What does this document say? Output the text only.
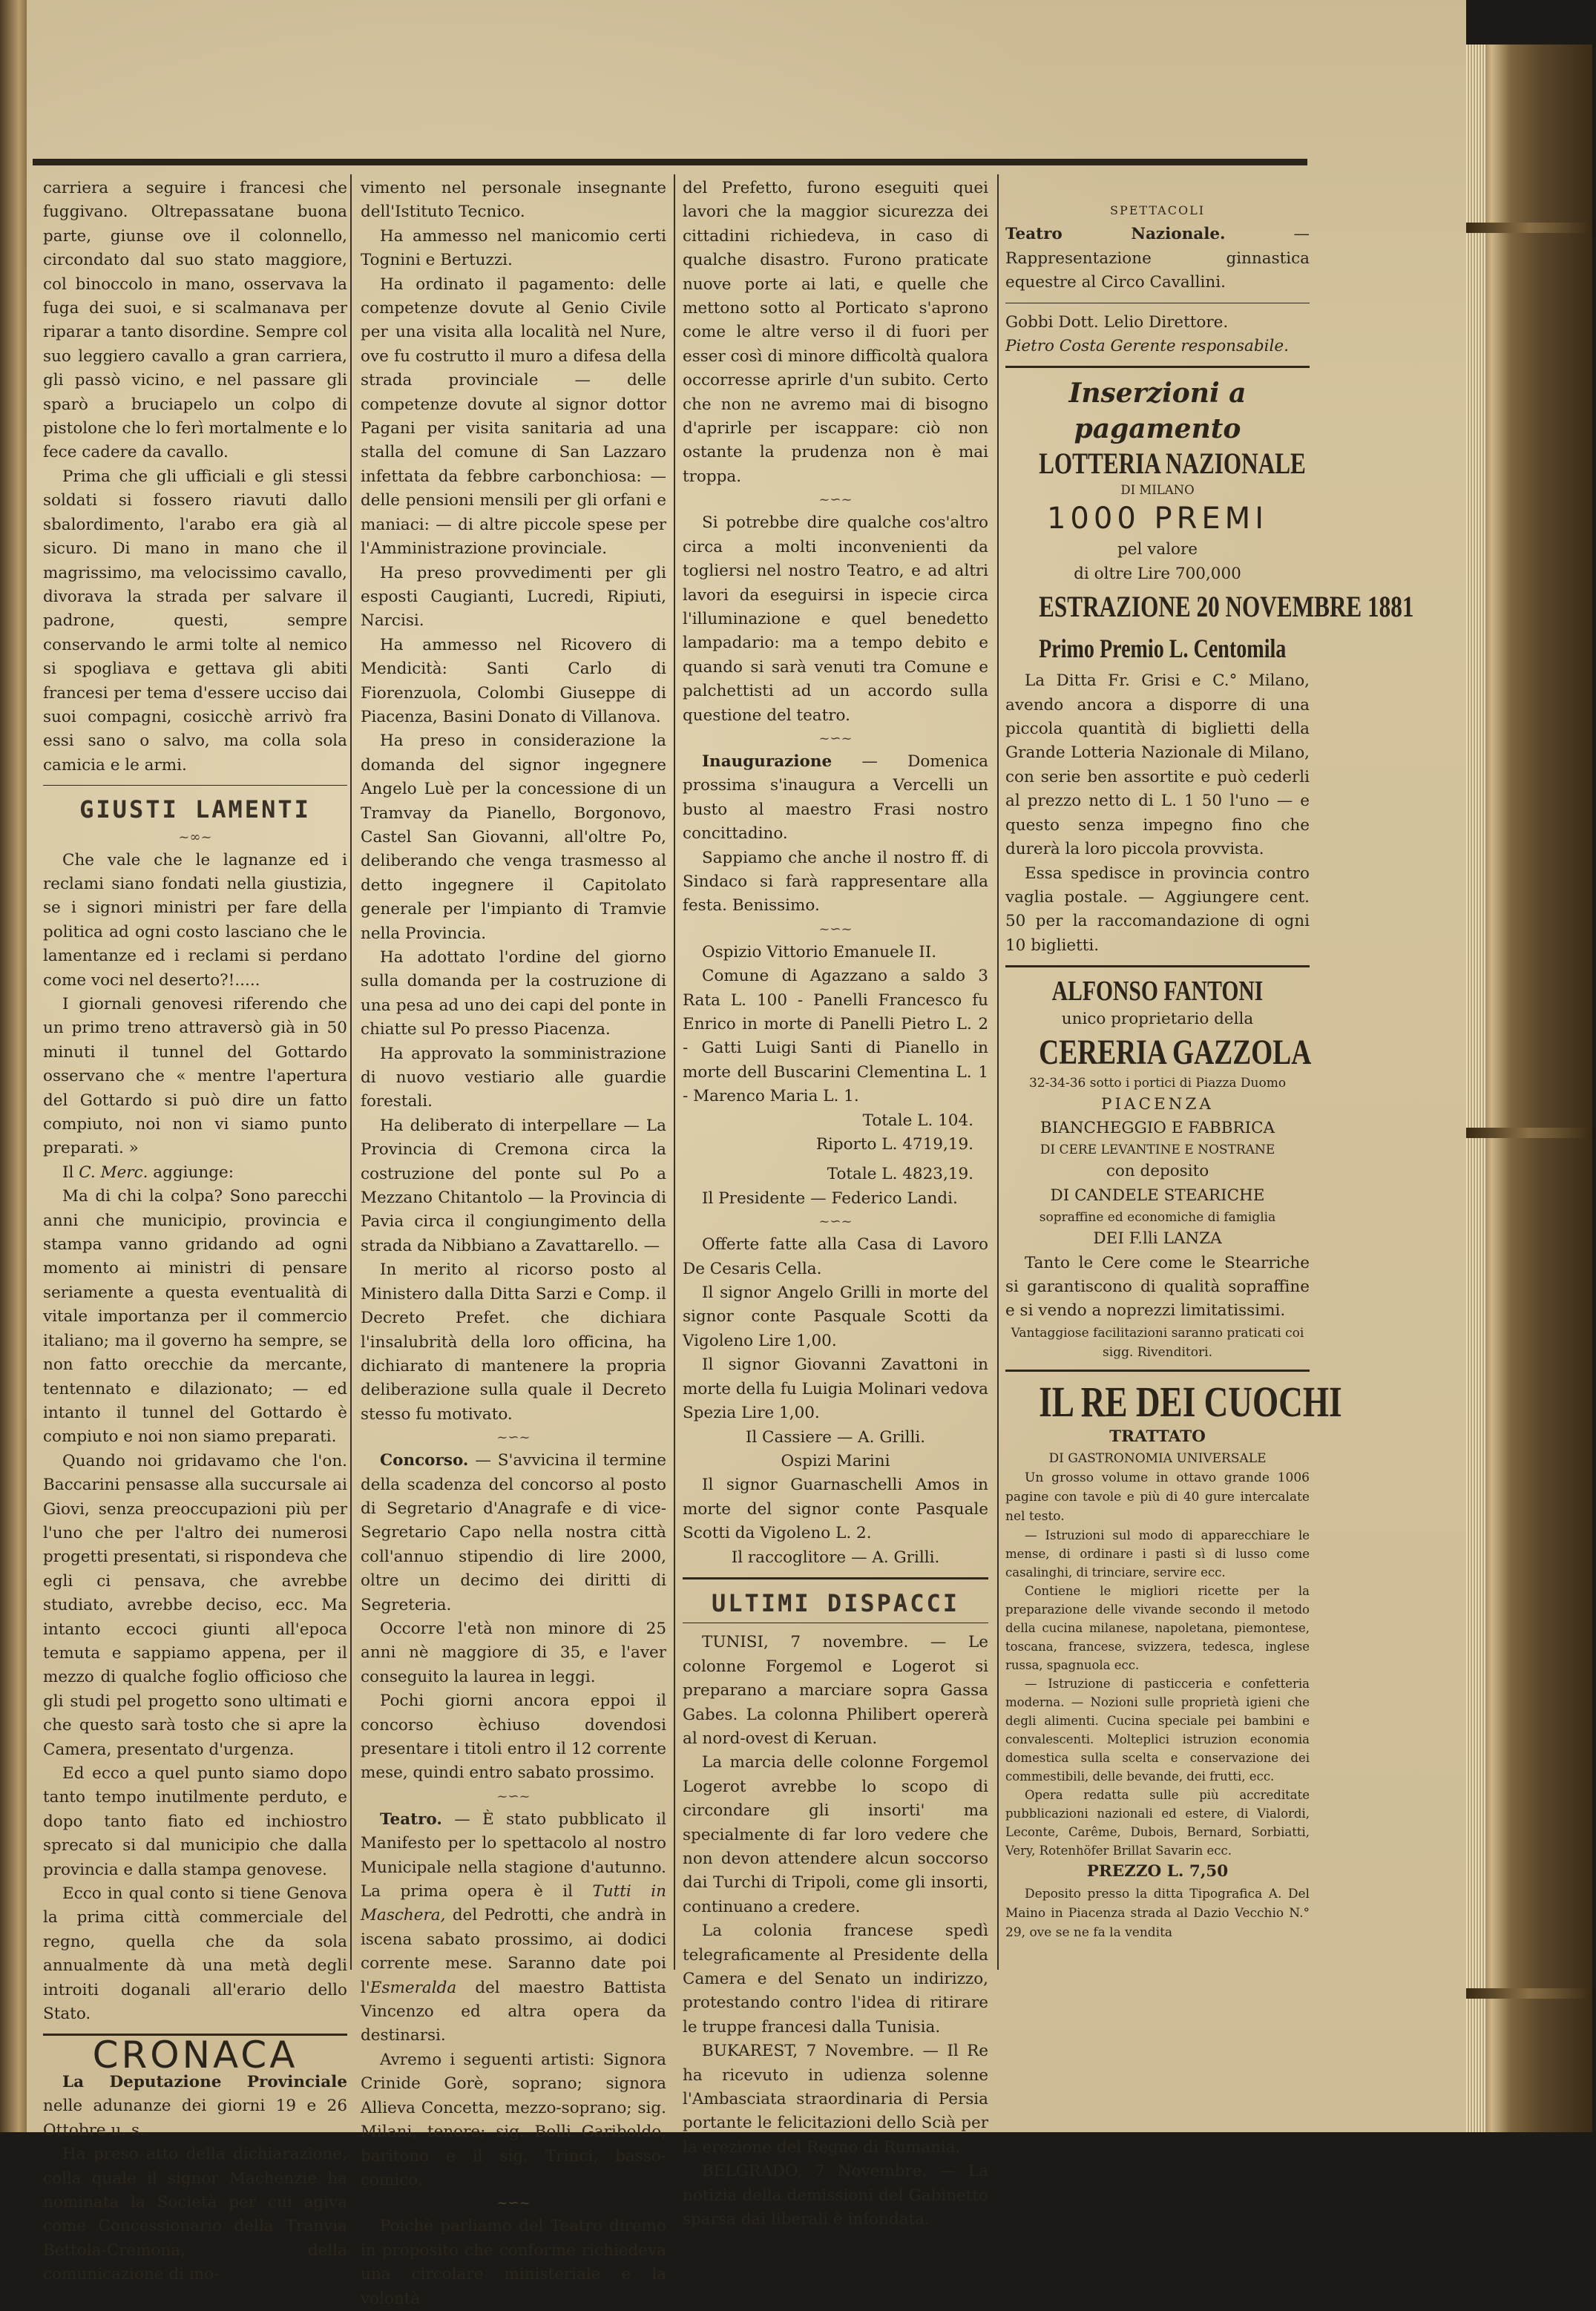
carriera a seguire i francesi che fuggivano. Oltrepassatane buona parte, giunse ove il colonnello, circondato dal suo stato maggiore, col binoccolo in mano, osservava la fuga dei suoi, e si scalmanava per riparar a tanto disordine. Sempre col suo leggiero cavallo a gran carriera, gli passò vicino, e nel passare gli sparò a bruciapelo un colpo di pistolone che lo ferì mortalmente e lo fece cadere da cavallo.

Prima che gli ufficiali e gli stessi soldati si fossero riavuti dallo sbalordimento, l'arabo era già al sicuro. Di mano in mano che il magrissimo, ma velocissimo cavallo, divorava la strada per salvare il padrone, questi, sempre conservando le armi tolte al nemico si spogliava e gettava gli abiti francesi per tema d'essere ucciso dai suoi compagni, cosicchè arrivò fra essi sano o salvo, ma colla sola camicia e le armi.

GIUSTI LAMENTI
~∞~

Che vale che le lagnanze ed i reclami siano fondati nella giustizia, se i signori ministri per fare della politica ad ogni costo lasciano che le lamentanze ed i reclami si perdano come voci nel deserto?!.....

I giornali genovesi riferendo che un primo treno attraversò già in 50 minuti il tunnel del Gottardo osservano che « mentre l'apertura del Gottardo si può dire un fatto compiuto, noi non vi siamo punto preparati. »

Il C. Merc. aggiunge:

Ma di chi la colpa? Sono parecchi anni che municipio, provincia e stampa vanno gridando ad ogni momento ai ministri di pensare seriamente a questa eventualità di vitale importanza per il commercio italiano; ma il governo ha sempre, se non fatto orecchie da mercante, tentennato e dilazionato; — ed intanto il tunnel del Gottardo è compiuto e noi non siamo preparati.

Quando noi gridavamo che l'on. Baccarini pensasse alla succursale ai Giovi, senza preoccupazioni più per l'uno che per l'altro dei numerosi progetti presentati, si rispondeva che egli ci pensava, che avrebbe studiato, avrebbe deciso, ecc. Ma intanto eccoci giunti all'epoca temuta e sappiamo appena, per il mezzo di qualche foglio officioso che gli studi pel progetto sono ultimati e che questo sarà tosto che si apre la Camera, presentato d'urgenza.

Ed ecco a quel punto siamo dopo tanto tempo inutilmente perduto, e dopo tanto fiato ed inchiostro sprecato si dal municipio che dalla provincia e dalla stampa genovese.

Ecco in qual conto si tiene Genova la prima città commerciale del regno, quella che da sola annualmente dà una metà degli introiti doganali all'erario dello Stato.

CRONACA

La Deputazione Provinciale nelle adunanze dei giorni 19 e 26 Ottobre u. s.

Ha preso atto della dichiarazione, colla quale il signor Machenzie ha nominata la Società per cui agiva come Concessionario della Tranvia Bettola-Cremona, della comunicazione di mo-

vimento nel personale insegnante dell'Istituto Tecnico.

Ha ammesso nel manicomio certi Tognini e Bertuzzi.

Ha ordinato il pagamento: delle competenze dovute al Genio Civile per una visita alla località nel Nure, ove fu costrutto il muro a difesa della strada provinciale — delle competenze dovute al signor dottor Pagani per visita sanitaria ad una stalla del comune di San Lazzaro infettata da febbre carbonchiosa: — delle pensioni mensili per gli orfani e maniaci: — di altre piccole spese per l'Amministrazione provinciale.

Ha preso provvedimenti per gli esposti Caugianti, Lucredi, Ripiuti, Narcisi.

Ha ammesso nel Ricovero di Mendicità: Santi Carlo di Fiorenzuola, Colombi Giuseppe di Piacenza, Basini Donato di Villanova.

Ha preso in considerazione la domanda del signor ingegnere Angelo Luè per la concessione di un Tramvay da Pianello, Borgonovo, Castel San Giovanni, all'oltre Po, deliberando che venga trasmesso al detto ingegnere il Capitolato generale per l'impianto di Tramvie nella Provincia.

Ha adottato l'ordine del giorno sulla domanda per la costruzione di una pesa ad uno dei capi del ponte in chiatte sul Po presso Piacenza.

Ha approvato la somministrazione di nuovo vestiario alle guardie forestali.

Ha deliberato di interpellare — La Provincia di Cremona circa la costruzione del ponte sul Po a Mezzano Chitantolo — la Provincia di Pavia circa il congiungimento della strada da Nibbiano a Zavattarello. —

In merito al ricorso posto al Ministero dalla Ditta Sarzi e Comp. il Decreto Prefet. che dichiara l'insalubrità della loro officina, ha dichiarato di mantenere la propria deliberazione sulla quale il Decreto stesso fu motivato.

~∽~

Concorso. — S'avvicina il termine della scadenza del concorso al posto di Segretario d'Anagrafe e di vice-Segretario Capo nella nostra città coll'annuo stipendio di lire 2000, oltre un decimo dei diritti di Segreteria.

Occorre l'età non minore di 25 anni nè maggiore di 35, e l'aver conseguito la laurea in leggi.

Pochi giorni ancora eppoi il concorso èchiuso dovendosi presentare i titoli entro il 12 corrente mese, quindi entro sabato prossimo.

~∽~

Teatro. — È stato pubblicato il Manifesto per lo spettacolo al nostro Municipale nella stagione d'autunno. La prima opera è il Tutti in Maschera, del Pedrotti, che andrà in iscena sabato prossimo, ai dodici corrente mese. Saranno date poi l'Esmeralda del maestro Battista Vincenzo ed altra opera da destinarsi.

Avremo i seguenti artisti: Signora Crinide Gorè, soprano; signora Allieva Concetta, mezzo-soprano; sig. Milani, tenore; sig. Bolli Gariboldo, baritono e il sig. Trinci, basso-comico.

~∽~

Poichè parliamo del Teatro diremo in proposito che conforme richiedeva una circolare ministeriale e la volontà

del Prefetto, furono eseguiti quei lavori che la maggior sicurezza dei cittadini richiedeva, in caso di qualche disastro. Furono praticate nuove porte ai lati, e quelle che mettono sotto al Porticato s'aprono come le altre verso il di fuori per esser così di minore difficoltà qualora occorresse aprirle d'un subito. Certo che non ne avremo mai di bisogno d'aprirle per iscappare: ciò non ostante la prudenza non è mai troppa.

~∽~

Si potrebbe dire qualche cos'altro circa a molti inconvenienti da togliersi nel nostro Teatro, e ad altri lavori da eseguirsi in ispecie circa l'illuminazione e quel benedetto lampadario: ma a tempo debito e quando si sarà venuti tra Comune e palchettisti ad un accordo sulla questione del teatro.

~∽~

Inaugurazione — Domenica prossima s'inaugura a Vercelli un busto al maestro Frasi nostro concittadino.

Sappiamo che anche il nostro ff. di Sindaco si farà rappresentare alla festa. Benissimo.

~∽~

Ospizio Vittorio Emanuele II.

Comune di Agazzano a saldo 3 Rata L. 100 - Panelli Francesco fu Enrico in morte di Panelli Pietro L. 2 - Gatti Luigi Santi di Pianello in morte dell Buscarini Clementina L. 1 - Marenco Maria L. 1.

Totale L. 104.
Riporto L. 4719,19.
Totale L. 4823,19.

Il Presidente — Federico Landi.

~∽~

Offerte fatte alla Casa di Lavoro De Cesaris Cella.

Il signor Angelo Grilli in morte del signor conte Pasquale Scotti da Vigoleno Lire 1,00.

Il signor Giovanni Zavattoni in morte della fu Luigia Molinari vedova Spezia Lire 1,00.

Il Cassiere — A. Grilli.
Ospizi Marini

Il signor Guarnaschelli Amos in morte del signor conte Pasquale Scotti da Vigoleno L. 2.

Il raccoglitore — A. Grilli.
ULTIMI DISPACCI

TUNISI, 7 novembre. — Le colonne Forgemol e Logerot si preparano a marciare sopra Gassa Gabes. La colonna Philibert opererà al nord-ovest di Keruan.

La marcia delle colonne Forgemol Logerot avrebbe lo scopo di circondare gli insorti' ma specialmente di far loro vedere che non devon attendere alcun soccorso dai Turchi di Tripoli, come gli insorti, continuano a credere.

La colonia francese spedì telegraficamente al Presidente della Camera e del Senato un indirizzo, protestando contro l'idea di ritirare le truppe francesi dalla Tunisia.

BUKAREST, 7 Novembre. — Il Re ha ricevuto in udienza solenne l'Ambasciata straordinaria di Persia portante le felicitazioni dello Scià per la erezione del Regno di Rumania.

BELGRADO, 7 Novembre. — La notizia della demissioni del Gabinetto sparsa dai liberali è infondata.

SPETTACOLI

Teatro Nazionale. — Rappresentazione ginnastica equestre al Circo Cavallini.

Gobbi Dott. Lelio Direttore.

Pietro Costa Gerente responsabile.

Inserzioni a pagamento
LOTTERIA NAZIONALE
DI MILANO
1000 PREMI
pel valore
di oltre Lire 700,000
ESTRAZIONE 20 NOVEMBRE 1881
Primo Premio L. Centomila

La Ditta Fr. Grisi e C.° Milano, avendo ancora a disporre di una piccola quantità di biglietti della Grande Lotteria Nazionale di Milano, con serie ben assortite e può cederli al prezzo netto di L. 1 50 l'uno — e questo senza impegno fino che durerà la loro piccola provvista.

Essa spedisce in provincia contro vaglia postale. — Aggiungere cent. 50 per la raccomandazione di ogni 10 biglietti.

ALFONSO FANTONI
unico proprietario della
CERERIA GAZZOLA
32-34-36 sotto i portici di Piazza Duomo
PIACENZA
BIANCHEGGIO E FABBRICA
DI CERE LEVANTINE E NOSTRANE
con deposito
DI CANDELE STEARICHE
sopraffine ed economiche di famiglia
DEI F.lli LANZA

Tanto le Cere come le Stearriche si garantiscono di qualità sopraffine e si vendo a noprezzi limitatissimi.

Vantaggiose facilitazioni saranno praticati coi sigg. Rivenditori.
IL RE DEI CUOCHI
TRATTATO
DI GASTRONOMIA UNIVERSALE

Un grosso volume in ottavo grande 1006 pagine con tavole e più di 40 gure intercalate nel testo.

— Istruzioni sul modo di apparecchiare le mense, di ordinare i pasti sì di lusso come casalinghi, di trinciare, servire ecc.

Contiene le migliori ricette per la preparazione delle vivande secondo il metodo della cucina milanese, napoletana, piemontese, toscana, francese, svizzera, tedesca, inglese russa, spagnuola ecc.

— Istruzione di pasticceria e confetteria moderna. — Nozioni sulle proprietà igieni che degli alimenti. Cucina speciale pei bambini e convalescenti. Molteplici istruzion economia domestica sulla scelta e conservazione dei commestibili, delle bevande, dei frutti, ecc.

Opera redatta sulle più accreditate pubblicazioni nazionali ed estere, di Vialordi, Leconte, Carême, Dubois, Bernard, Sorbiatti, Very, Rotenhöfer Brillat Savarin ecc.

PREZZO L. 7,50

Deposito presso la ditta Tipografica A. Del Maino in Piacenza strada al Dazio Vecchio N.° 29, ove se ne fa la vendita
